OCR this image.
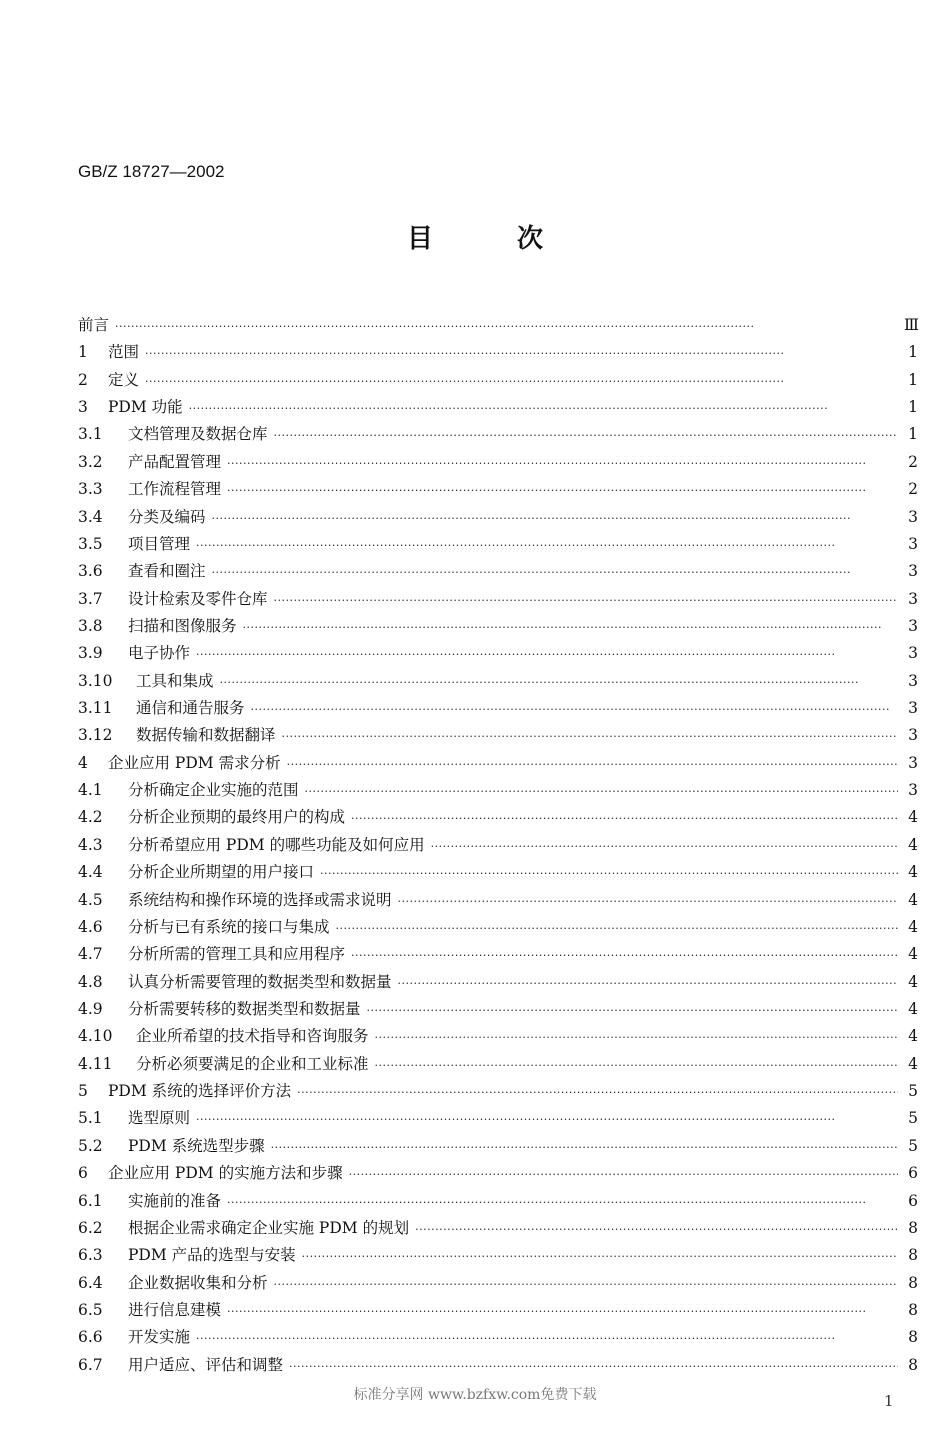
GB/Z 18727—2002
目	次
前言 ·····	Ⅲ
1	范围 ·····	1
2	定义 ·····	1
3	PDM 功能 ·····	1
3.1	文档管理及数据仓库 ·····	1
3.2	产品配置管理 ·····	2
3.3	工作流程管理 ·····	2
3.4	分类及编码 ·····	3
3.5	项目管理 ·····	3
3.6	查看和圈注 ·····	3
3.7	设计检索及零件仓库 ·····	3
3.8	扫描和图像服务 ·····	3
3.9	电子协作 ·····	3
3.10	工具和集成 ·····	3
3.11	通信和通告服务 ·····	3
3.12	数据传输和数据翻译 ·····	3
4	企业应用 PDM 需求分析 ·····	3
4.1	分析确定企业实施的范围 ·····	3
4.2	分析企业预期的最终用户的构成 ·····	4
4.3	分析希望应用 PDM 的哪些功能及如何应用 ·····	4
4.4	分析企业所期望的用户接口 ·····	4
4.5	系统结构和操作环境的选择或需求说明 ·····	4
4.6	分析与已有系统的接口与集成 ·····	4
4.7	分析所需的管理工具和应用程序 ·····	4
4.8	认真分析需要管理的数据类型和数据量 ·····	4
4.9	分析需要转移的数据类型和数据量 ·····	4
4.10	企业所希望的技术指导和咨询服务 ·····	4
4.11	分析必须要满足的企业和工业标准 ·····	4
5	PDM 系统的选择评价方法 ·····	5
5.1	选型原则 ·····	5
5.2	PDM 系统选型步骤 ·····	5
6	企业应用 PDM 的实施方法和步骤 ·····	6
6.1	实施前的准备 ·····	6
6.2	根据企业需求确定企业实施 PDM 的规划 ·····	8
6.3	PDM 产品的选型与安装 ·····	8
6.4	企业数据收集和分析 ·····	8
6.5	进行信息建模 ·····	8
6.6	开发实施 ·····	8
6.7	用户适应、评估和调整 ·····	8
标准分享网 www.bzfxw.com免费下载	1
